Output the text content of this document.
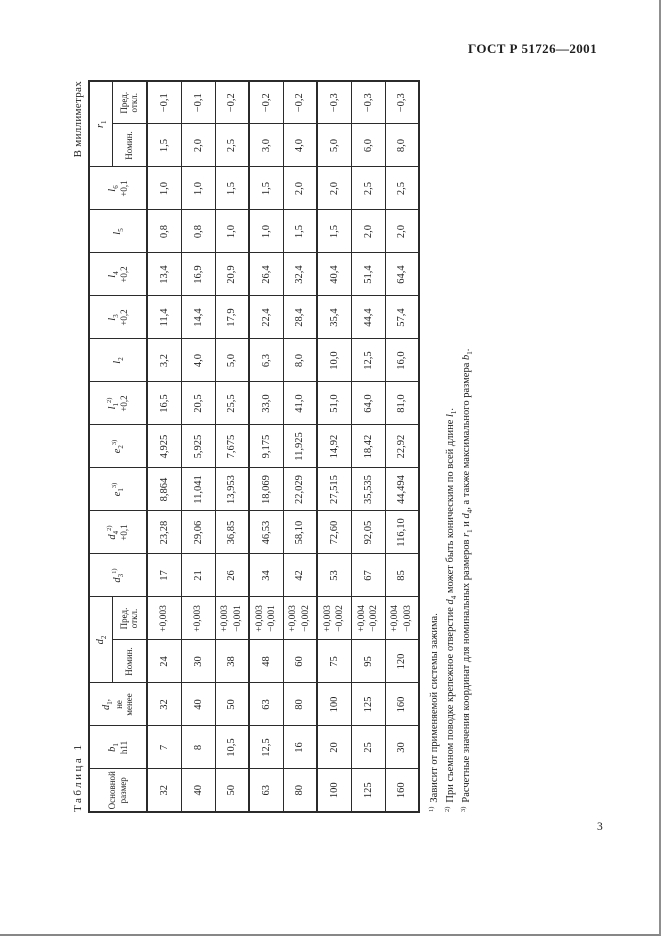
ГОСТ Р 51726—2001
Таблица 1
В миллиметрах
Основной размер	$b_1$ h11	$d_1$, не менее	$d_2$		$d_3^{1)}$	$d_4^{2)} +0,1$	$e_1^{3)}$	$e_2^{3)}$	$l_1^{2)} +0,2$	$l_2$	$l_3 +0,2$	$l_4 +0,2$	$l_5$	$l_6 +0,1$	$r_1$
			Номин.	Пред. откл.											Номин.	Пред. откл.
32	7	32	24	+0,003	17	23,28	8,864	4,925	16,5	3,2	11,4	13,4	0,8	1,0	1,5	−0,1
40	8	40	30	+0,003	21	29,06	11,041	5,925	20,5	4,0	14,4	16,9	0,8	1,0	2,0	−0,1
50	10,5	50	38	+0,003 −0,001	26	36,85	13,953	7,675	25,5	5,0	17,9	20,9	1,0	1,5	2,5	−0,2
63	12,5	63	48	+0,003 −0,001	34	46,53	18,069	9,175	33,0	6,3	22,4	26,4	1,0	1,5	3,0	−0,2
80	16	80	60	+0,003 −0,002	42	58,10	22,029	11,925	41,0	8,0	28,4	32,4	1,5	2,0	4,0	−0,2
100	20	100	75	+0,003 −0,002	53	72,60	27,515	14,92	51,0	10,0	35,4	40,4	1,5	2,0	5,0	−0,3
125	25	125	95	+0,004 −0,002	67	92,05	35,535	18,42	64,0	12,5	44,4	51,4	2,0	2,5	6,0	−0,3
160	30	160	120	+0,004 −0,003	85	116,10	44,494	22,92	81,0	16,0	57,4	64,4	2,0	2,5	8,0	−0,3
$^{1)}$Зависит от применяемой системы зажима.
$^{2)}$При съемном поводке крепежное отверстие $d_4$ может быть коническим по всей длине $l_1$.
$^{3)}$Расчетные значения координат для номинальных размеров $r_1$ и $d_4$, а также максимального размера $b_1$.
3
